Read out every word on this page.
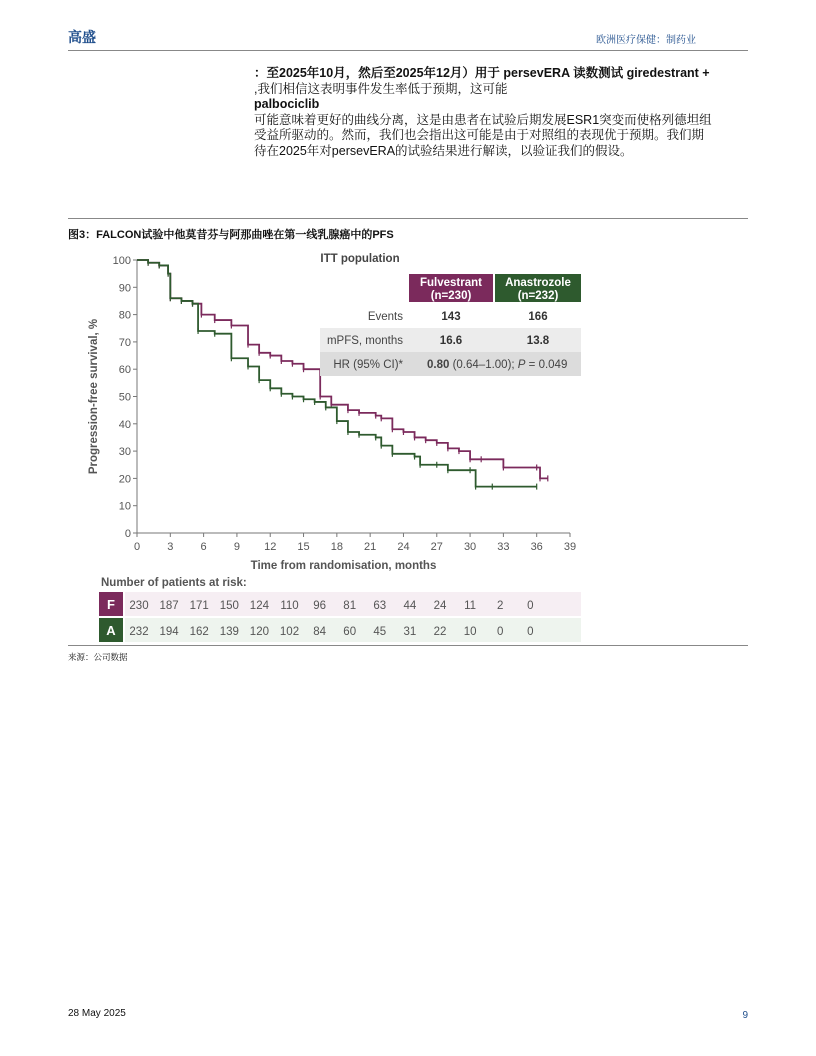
高盛	欧洲医疗保健：制药业
：至2025年10月，然后至2025年12月）用于 persevERA 读数测试 giredestrant +
,我们相信这表明事件发生率低于预期，这可能
palbociclib
可能意味着更好的曲线分离，这是由患者在试验后期发展ESR1突变而使格列德坦组
受益所驱动的。然而，我们也会指出这可能是由于对照组的表现优于预期。我们期
待在2025年对persevERA的试验结果进行解读，以验证我们的假设。
图3：FALCON试验中他莫昔芬与阿那曲唑在第一线乳腺癌中的PFS
0
10
20
30
40
50
60
70
80
90
100
0 3 6 9 12 15 18 21 24 27 30 33 36 39
Time from randomisation, months
Progression-free survival, %
ITT population
Fulvestrant
(n=230)
Anastrozole
(n=232)
Events	143	166
mPFS, months	16.6	13.8
HR (95% CI)* 0.80 (0.64–1.00); P = 0.049
Number of patients at risk:
F 230 187 171 150 124 110 96 81 63 44 24 11 2 0
A 232 194 162 139 120 102 84 60 45 31 22 10 0 0
来源：公司数据
28 May 2025	9
